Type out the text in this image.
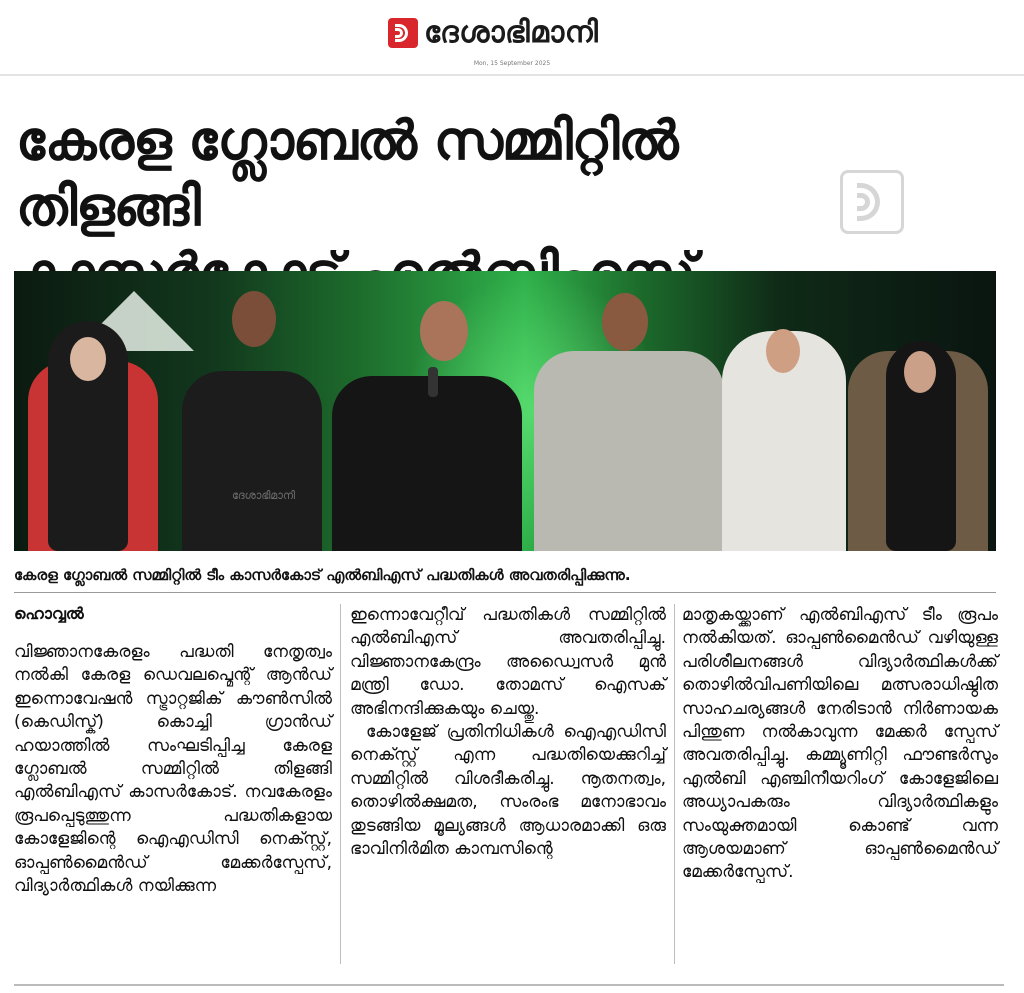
ദേശാഭിമാനി
Mon, 15 September 2025
കേരള ഗ്ലോബൽ സമ്മിറ്റിൽ തിളങ്ങി
ദേശാഭിമാനി
കേരള ഗ്ലോബൽ സമ്മിറ്റിൽ ടീം കാസർകോട് എൽബിഎസ് പദ്ധതികൾ അവതരിപ്പിക്കുന്നു.
ഹൊവ്വൽ
വിജ്ഞാനകേരളം പദ്ധതി നേതൃത്വം നൽകി കേരള ഡെവലപ്മെന്റ് ആൻഡ് ഇന്നൊവേഷൻ സ്ട്രാറ്റജിക് കൗൺസിൽ (കെഡിസ്ക്) കൊച്ചി ഗ്രാൻഡ് ഹയാത്തിൽ സംഘടിപ്പിച്ച കേരള ഗ്ലോബൽ സമ്മിറ്റിൽ തിളങ്ങി എൽബിഎസ് കാസർകോട്. നവകേരളം രൂപപ്പെടുത്തുന്ന പദ്ധതികളായ കോളേജിന്റെ ഐഎഡിസി നെക്സ്റ്റ്, ഓപ്പൺമൈൻഡ് മേക്കർസ്പേസ്, വിദ്യാർത്ഥികൾ നയിക്കുന്ന
ഇന്നൊവേറ്റീവ് പദ്ധതികൾ സമ്മിറ്റിൽ എൽബിഎസ് അവതരിപ്പിച്ചു. വിജ്ഞാനകേന്ദ്രം അഡ്വൈസർ മുൻ മന്ത്രി ഡോ. തോമസ് ഐസക് അഭിനന്ദിക്കുകയും ചെയ്തു.
കോളേജ് പ്രതിനിധികൾ ഐഎഡിസി നെക്സ്റ്റ് എന്ന പദ്ധതിയെക്കുറിച്ച് സമ്മിറ്റിൽ വിശദീകരിച്ചു. നൂതനത്വം, തൊഴിൽക്ഷമത, സംരംഭ മനോഭാവം തുടങ്ങിയ മൂല്യങ്ങൾ ആധാരമാക്കി ഒരു ഭാവിനിർമിത കാമ്പസിന്റെ
മാതൃകയ്ക്കാണ് എൽബിഎസ് ടീം രൂപം നൽകിയത്. ഓപ്പൺമൈൻഡ് വഴിയുള്ള പരിശീലനങ്ങൾ വിദ്യാർത്ഥികൾക്ക് തൊഴിൽവിപണിയിലെ മത്സരാധിഷ്ഠിത സാഹചര്യങ്ങൾ നേരിടാൻ നിർണായക പിന്തുണ നൽകാവുന്ന മേക്കർ സ്പേസ് അവതരിപ്പിച്ചു. കമ്മ്യൂണിറ്റി ഫൗണ്ടർസും എൽബി എഞ്ചിനീയറിംഗ് കോളേജിലെ അധ്യാപകരും വിദ്യാർത്ഥികളും സംയുക്തമായി കൊണ്ട് വന്ന ആശയമാണ് ഓപ്പൺമൈൻഡ് മേക്കർസ്പേസ്.
